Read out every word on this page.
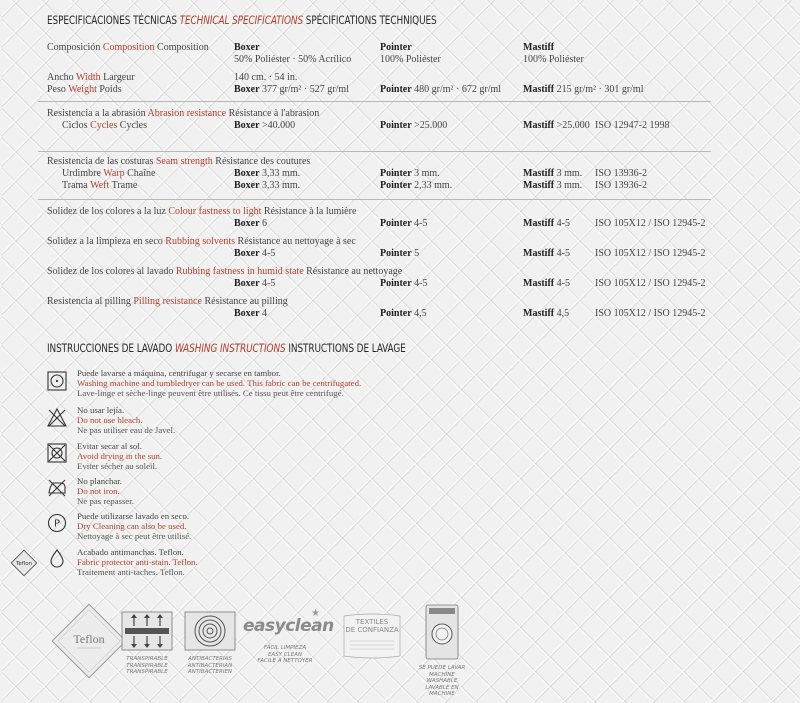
ESPECIFICACIONES TÉCNICAS TECHNICAL SPECIFICATIONS SPÉCIFICATIONS TECHNIQUES
Composición Composition Composition	Boxer	Pointer	Mastiff
50% Poliéster · 50% Acrílico	100% Poliéster	100% Poliéster
Ancho Width Largeur	140 cm. · 54 in.
Peso Weight Poids	Boxer 377 gr/m² · 527 gr/ml	Pointer 480 gr/m² · 672 gr/ml Mastiff 215 gr/m² · 301 gr/ml
Resistencia a la abrasión Abrasion resistance Résistance à l'abrasion
Ciclos Cycles Cycles	Boxer >40.000	Pointer >25.000	Mastiff >25.000 ISO 12947-2 1998
Resistencia de las costuras Seam strength Résistance des coutures
Urdimbre Warp Chaîne	Boxer 3,33 mm.	Pointer 3 mm.	Mastiff 3 mm. ISO 13936-2
Trama Weft Trame	Boxer 3,33 mm.	Pointer 2,33 mm.	Mastiff 3 mm. ISO 13936-2
Solidez de los colores a la luz Colour fastness to light Résistance à la lumière
Boxer 6	Pointer 4-5	Mastiff 4-5	ISO 105X12 / ISO 12945-2
Solidez a la limpieza en seco Rubbing solvents Résistance au nettoyage à sec
Boxer 4-5	Pointer 5	Mastiff 4-5	ISO 105X12 / ISO 12945-2
Solidez de los colores al lavado Rubbing fastness in humid state Résistance au nettoyage
Boxer 4-5	Pointer 4-5	Mastiff 4-5	ISO 105X12 / ISO 12945-2
Resistencia al pilling Pilling resistance Résistance au pilling
Boxer 4	Pointer 4,5	Mastiff 4,5	ISO 105X12 / ISO 12945-2
INSTRUCCIONES DE LAVADO WASHING INSTRUCTIONS INSTRUCTIONS DE LAVAGE
Puede lavarse a máquina, centrifugar y secarse en tambor.
Washing machine and tumbledryer can be used. This fabric can be centrifugated.
Lave-linge et sèche-linge peuvent être utilisés. Ce tissu peut être centrifugé.
No usar lejía.
Do not use bleach.
Ne pas utiliser eau de Javel.
Evitar secar al sol.
Avoid drying in the sun.
Eviter sécher au soleil.
No planchar.
Do not iron.
Ne pas repasser.
P
Puede utilizarse lavado en seco.
Dry Cleaning can also be used.
Nettoyage à sec peut être utilisé.
Teflon
Acabado antimanchas. Teflon.
Fabric protector anti-stain. Teflon.
Traitement anti-taches. Teflon.
Teflon
TRANSPIRABLE
TRANSPIRABLE
TRANSPIRABLE
ANTIBACTERIAS
ANTIBACTERIAN
ANTIBACTERIEN
easyclean
★
FÁCIL LIMPIEZA
EASY CLEAN
FACILE À NETTOYER
TEXTILES
DE CONFIANZA
SE PUEDE LAVAR
MACHINE WASHABLE
LAVABLE EN MACHINE
